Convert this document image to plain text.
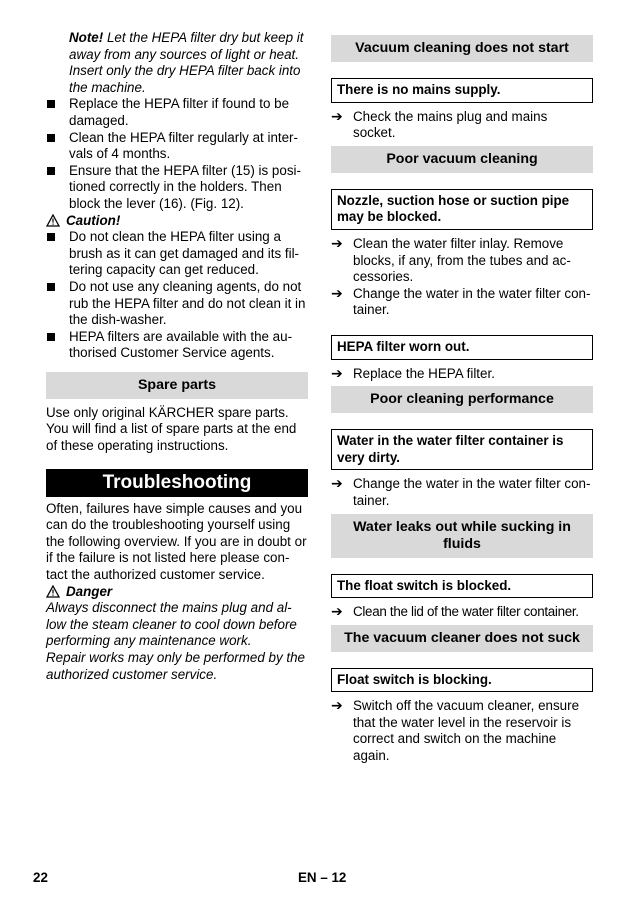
Note! Let the HEPA filter dry but keep it away from any sources of light or heat. Insert only the dry HEPA filter back into the machine.

Replace the HEPA filter if found to be damaged.
Clean the HEPA filter regularly at inter-vals of 4 months.
Ensure that the HEPA filter (15) is posi-tioned correctly in the holders. Then block the lever (16). (Fig. 12).
Caution!
Do not clean the HEPA filter using a brush as it can get damaged and its fil-tering capacity can get reduced.
Do not use any cleaning agents, do not rub the HEPA filter and do not clean it in the dish-washer.
HEPA filters are available with the au-thorised Customer Service agents.
Spare parts

Use only original KÄRCHER spare parts. You will find a list of spare parts at the end of these operating instructions.

Troubleshooting

Often, failures have simple causes and you can do the troubleshooting yourself using the following overview. If you are in doubt or if the failure is not listed here please con-tact the authorized customer service.

Danger

Always disconnect the mains plug and al-low the steam cleaner to cool down before performing any maintenance work.

Repair works may only be performed by the authorized customer service.

Vacuum cleaning does not start
There is no mains supply.
➔ Check the mains plug and mains socket.
Poor vacuum cleaning
Nozzle, suction hose or suction pipe may be blocked.
➔ Clean the water filter inlay. Remove blocks, if any, from the tubes and ac-cessories.
➔ Change the water in the water filter con-tainer.
HEPA filter worn out.
➔ Replace the HEPA filter.
Poor cleaning performance
Water in the water filter container is very dirty.
➔ Change the water in the water filter con-tainer.
Water leaks out while sucking in fluids
The float switch is blocked.
➔ Clean the lid of the water filter container.
The vacuum cleaner does not suck
Float switch is blocking.
➔ Switch off the vacuum cleaner, ensure that the water level in the reservoir is correct and switch on the machine again.
22	EN – 12
